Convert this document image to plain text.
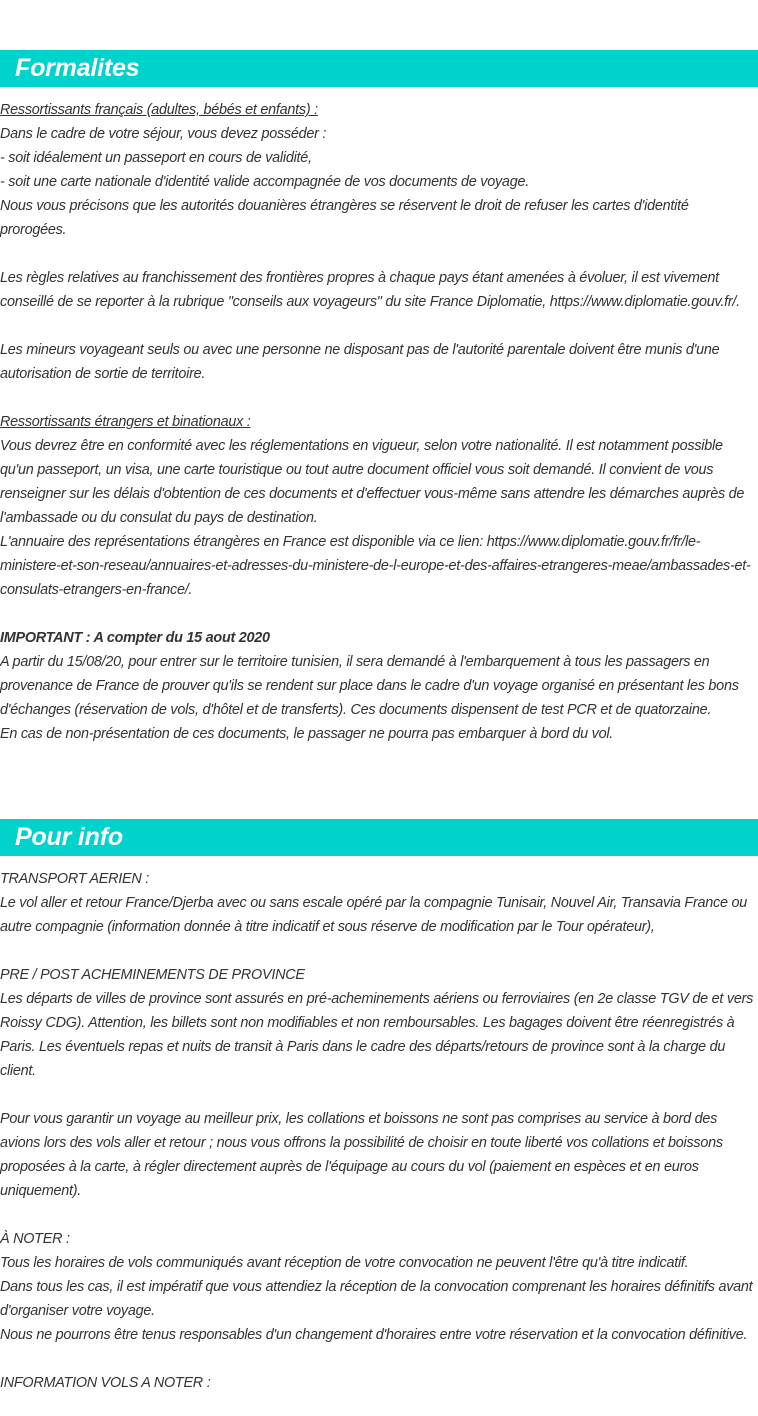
Formalites

Ressortissants français (adultes, bébés et enfants) :

Dans le cadre de votre séjour, vous devez posséder :

- soit idéalement un passeport en cours de validité,

- soit une carte nationale d'identité valide accompagnée de vos documents de voyage.

Nous vous précisons que les autorités douanières étrangères se réservent le droit de refuser les cartes d'identité prorogées.

Les règles relatives au franchissement des frontières propres à chaque pays étant amenées à évoluer, il est vivement conseillé de se reporter à la rubrique "conseils aux voyageurs" du site France Diplomatie, https://www.diplomatie.gouv.fr/.

Les mineurs voyageant seuls ou avec une personne ne disposant pas de l'autorité parentale doivent être munis d'une autorisation de sortie de territoire.

Ressortissants étrangers et binationaux :

Vous devrez être en conformité avec les réglementations en vigueur, selon votre nationalité. Il est notamment possible qu'un passeport, un visa, une carte touristique ou tout autre document officiel vous soit demandé. Il convient de vous renseigner sur les délais d'obtention de ces documents et d'effectuer vous-même sans attendre les démarches auprès de l'ambassade ou du consulat du pays de destination.

L'annuaire des représentations étrangères en France est disponible via ce lien: https://www.diplomatie.gouv.fr/fr/le-ministere-et-son-reseau/annuaires-et-adresses-du-ministere-de-l-europe-et-des-affaires-etrangeres-meae/ambassades-et-consulats-etrangers-en-france/.

IMPORTANT : A compter du 15 aout 2020

A partir du 15/08/20, pour entrer sur le territoire tunisien, il sera demandé à l'embarquement à tous les passagers en provenance de France de prouver qu'ils se rendent sur place dans le cadre d'un voyage organisé en présentant les bons d'échanges (réservation de vols, d'hôtel et de transferts). Ces documents dispensent de test PCR et de quatorzaine.

En cas de non-présentation de ces documents, le passager ne pourra pas embarquer à bord du vol.

Pour info

TRANSPORT AERIEN :

Le vol aller et retour France/Djerba avec ou sans escale opéré par la compagnie Tunisair, Nouvel Air, Transavia France ou autre compagnie (information donnée à titre indicatif et sous réserve de modification par le Tour opérateur),

PRE / POST ACHEMINEMENTS DE PROVINCE

Les départs de villes de province sont assurés en pré-acheminements aériens ou ferroviaires (en 2e classe TGV de et vers Roissy CDG). Attention, les billets sont non modifiables et non remboursables. Les bagages doivent être réenregistrés à Paris. Les éventuels repas et nuits de transit à Paris dans le cadre des départs/retours de province sont à la charge du client.

Pour vous garantir un voyage au meilleur prix, les collations et boissons ne sont pas comprises au service à bord des avions lors des vols aller et retour ; nous vous offrons la possibilité de choisir en toute liberté vos collations et boissons proposées à la carte, à régler directement auprès de l'équipage au cours du vol (paiement en espèces et en euros uniquement).

À NOTER :

Tous les horaires de vols communiqués avant réception de votre convocation ne peuvent l'être qu'à titre indicatif.

Dans tous les cas, il est impératif que vous attendiez la réception de la convocation comprenant les horaires définitifs avant d'organiser votre voyage.

Nous ne pourrons être tenus responsables d'un changement d'horaires entre votre réservation et la convocation définitive.

INFORMATION VOLS A NOTER :
